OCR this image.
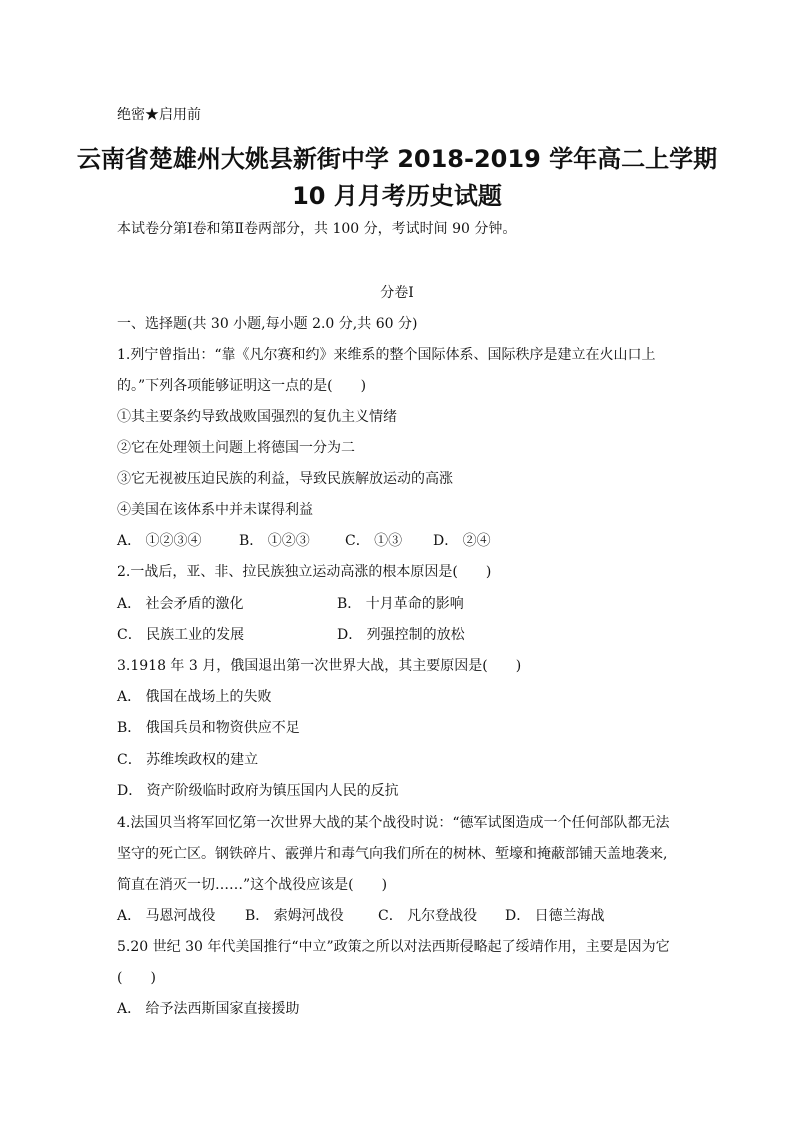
绝密★启用前
云南省楚雄州大姚县新街中学 2018-2019 学年高二上学期
10 月月考历史试题
本试卷分第Ⅰ卷和第Ⅱ卷两部分，共 100 分，考试时间 90 分钟。
分卷Ⅰ
一、选择题(共 30 小题,每小题 2.0 分,共 60 分)
1.列宁曾指出：“靠《凡尔赛和约》来维系的整个国际体系、国际秩序是建立在火山口上
的。”下列各项能够证明这一点的是(　　)
①其主要条约导致战败国强烈的复仇主义情绪
②它在处理领土问题上将德国一分为二
③它无视被压迫民族的利益，导致民族解放运动的高涨
④美国在该体系中并未谋得利益
A． ①②③④	B． ①②③	C． ①③ D． ②④
2.一战后，亚、非、拉民族独立运动高涨的根本原因是(　　)
A． 社会矛盾的激化	B． 十月革命的影响
C． 民族工业的发展	D． 列强控制的放松
3.1918 年 3 月，俄国退出第一次世界大战，其主要原因是(　　)
A． 俄国在战场上的失败
B． 俄国兵员和物资供应不足
C． 苏维埃政权的建立
D． 资产阶级临时政府为镇压国内人民的反抗
4.法国贝当将军回忆第一次世界大战的某个战役时说：“德军试图造成一个任何部队都无法
坚守的死亡区。钢铁碎片、霰弹片和毒气向我们所在的树林、堑壕和掩蔽部铺天盖地袭来,
简直在消灭一切……”这个战役应该是(　　)
A． 马恩河战役 B． 索姆河战役 C． 凡尔登战役 D． 日德兰海战
5.20 世纪 30 年代美国推行“中立”政策之所以对法西斯侵略起了绥靖作用，主要是因为它
(　　)
A． 给予法西斯国家直接援助
